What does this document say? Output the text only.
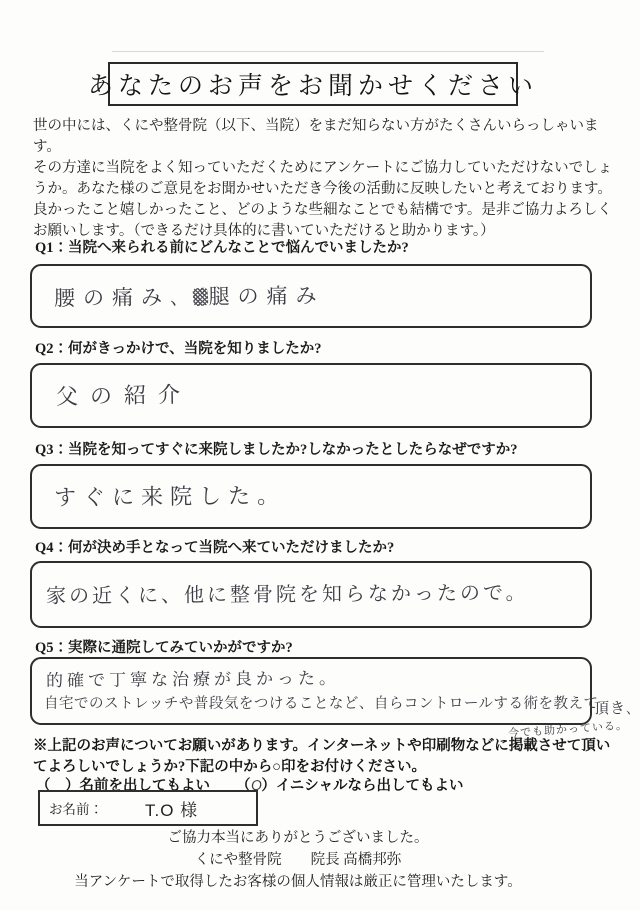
あなたのお声をお聞かせください
世の中には、くにや整骨院（以下、当院）をまだ知らない方がたくさんいらっしゃいます。
その方達に当院をよく知っていただくためにアンケートにご協力していただけないでしょ
うか。あなた様のご意見をお聞かせいただき今後の活動に反映したいと考えております。
良かったこと嬉しかったこと、どのような些細なことでも結構です。是非ご協力よろしく
お願いします。（できるだけ具体的に書いていただけると助かります。）
Q1：当院へ来られる前にどんなことで悩んでいましたか?
腰の痛み､ 腿の痛み
Q2：何がきっかけで、当院を知りましたか?
父の紹介
Q3：当院を知ってすぐに来院しましたか?しなかったとしたらなぜですか?
すぐに来院した。
Q4：何が決め手となって当院へ来ていただけましたか?
家の近くに、他に整骨院を知らなかったので。
Q5：実際に通院してみていかがですか?
的確で丁寧な治療が良かった。
自宅でのストレッチや普段気をつけることなど、自らコントロールする術を教えて
頂き､
今でも助かっている｡
※上記のお声についてお願いがあります。インターネットや印刷物などに掲載させて頂い
てよろしいでしょうか?下記の中から○印をお付けください。
（　）名前を出してもよい （O）イニシャルなら出してもよい
お名前： T.O 様
ご協力本当にありがとうございました。
くにや整骨院　　院長 高橋邦弥
当アンケートで取得したお客様の個人情報は厳正に管理いたします。
